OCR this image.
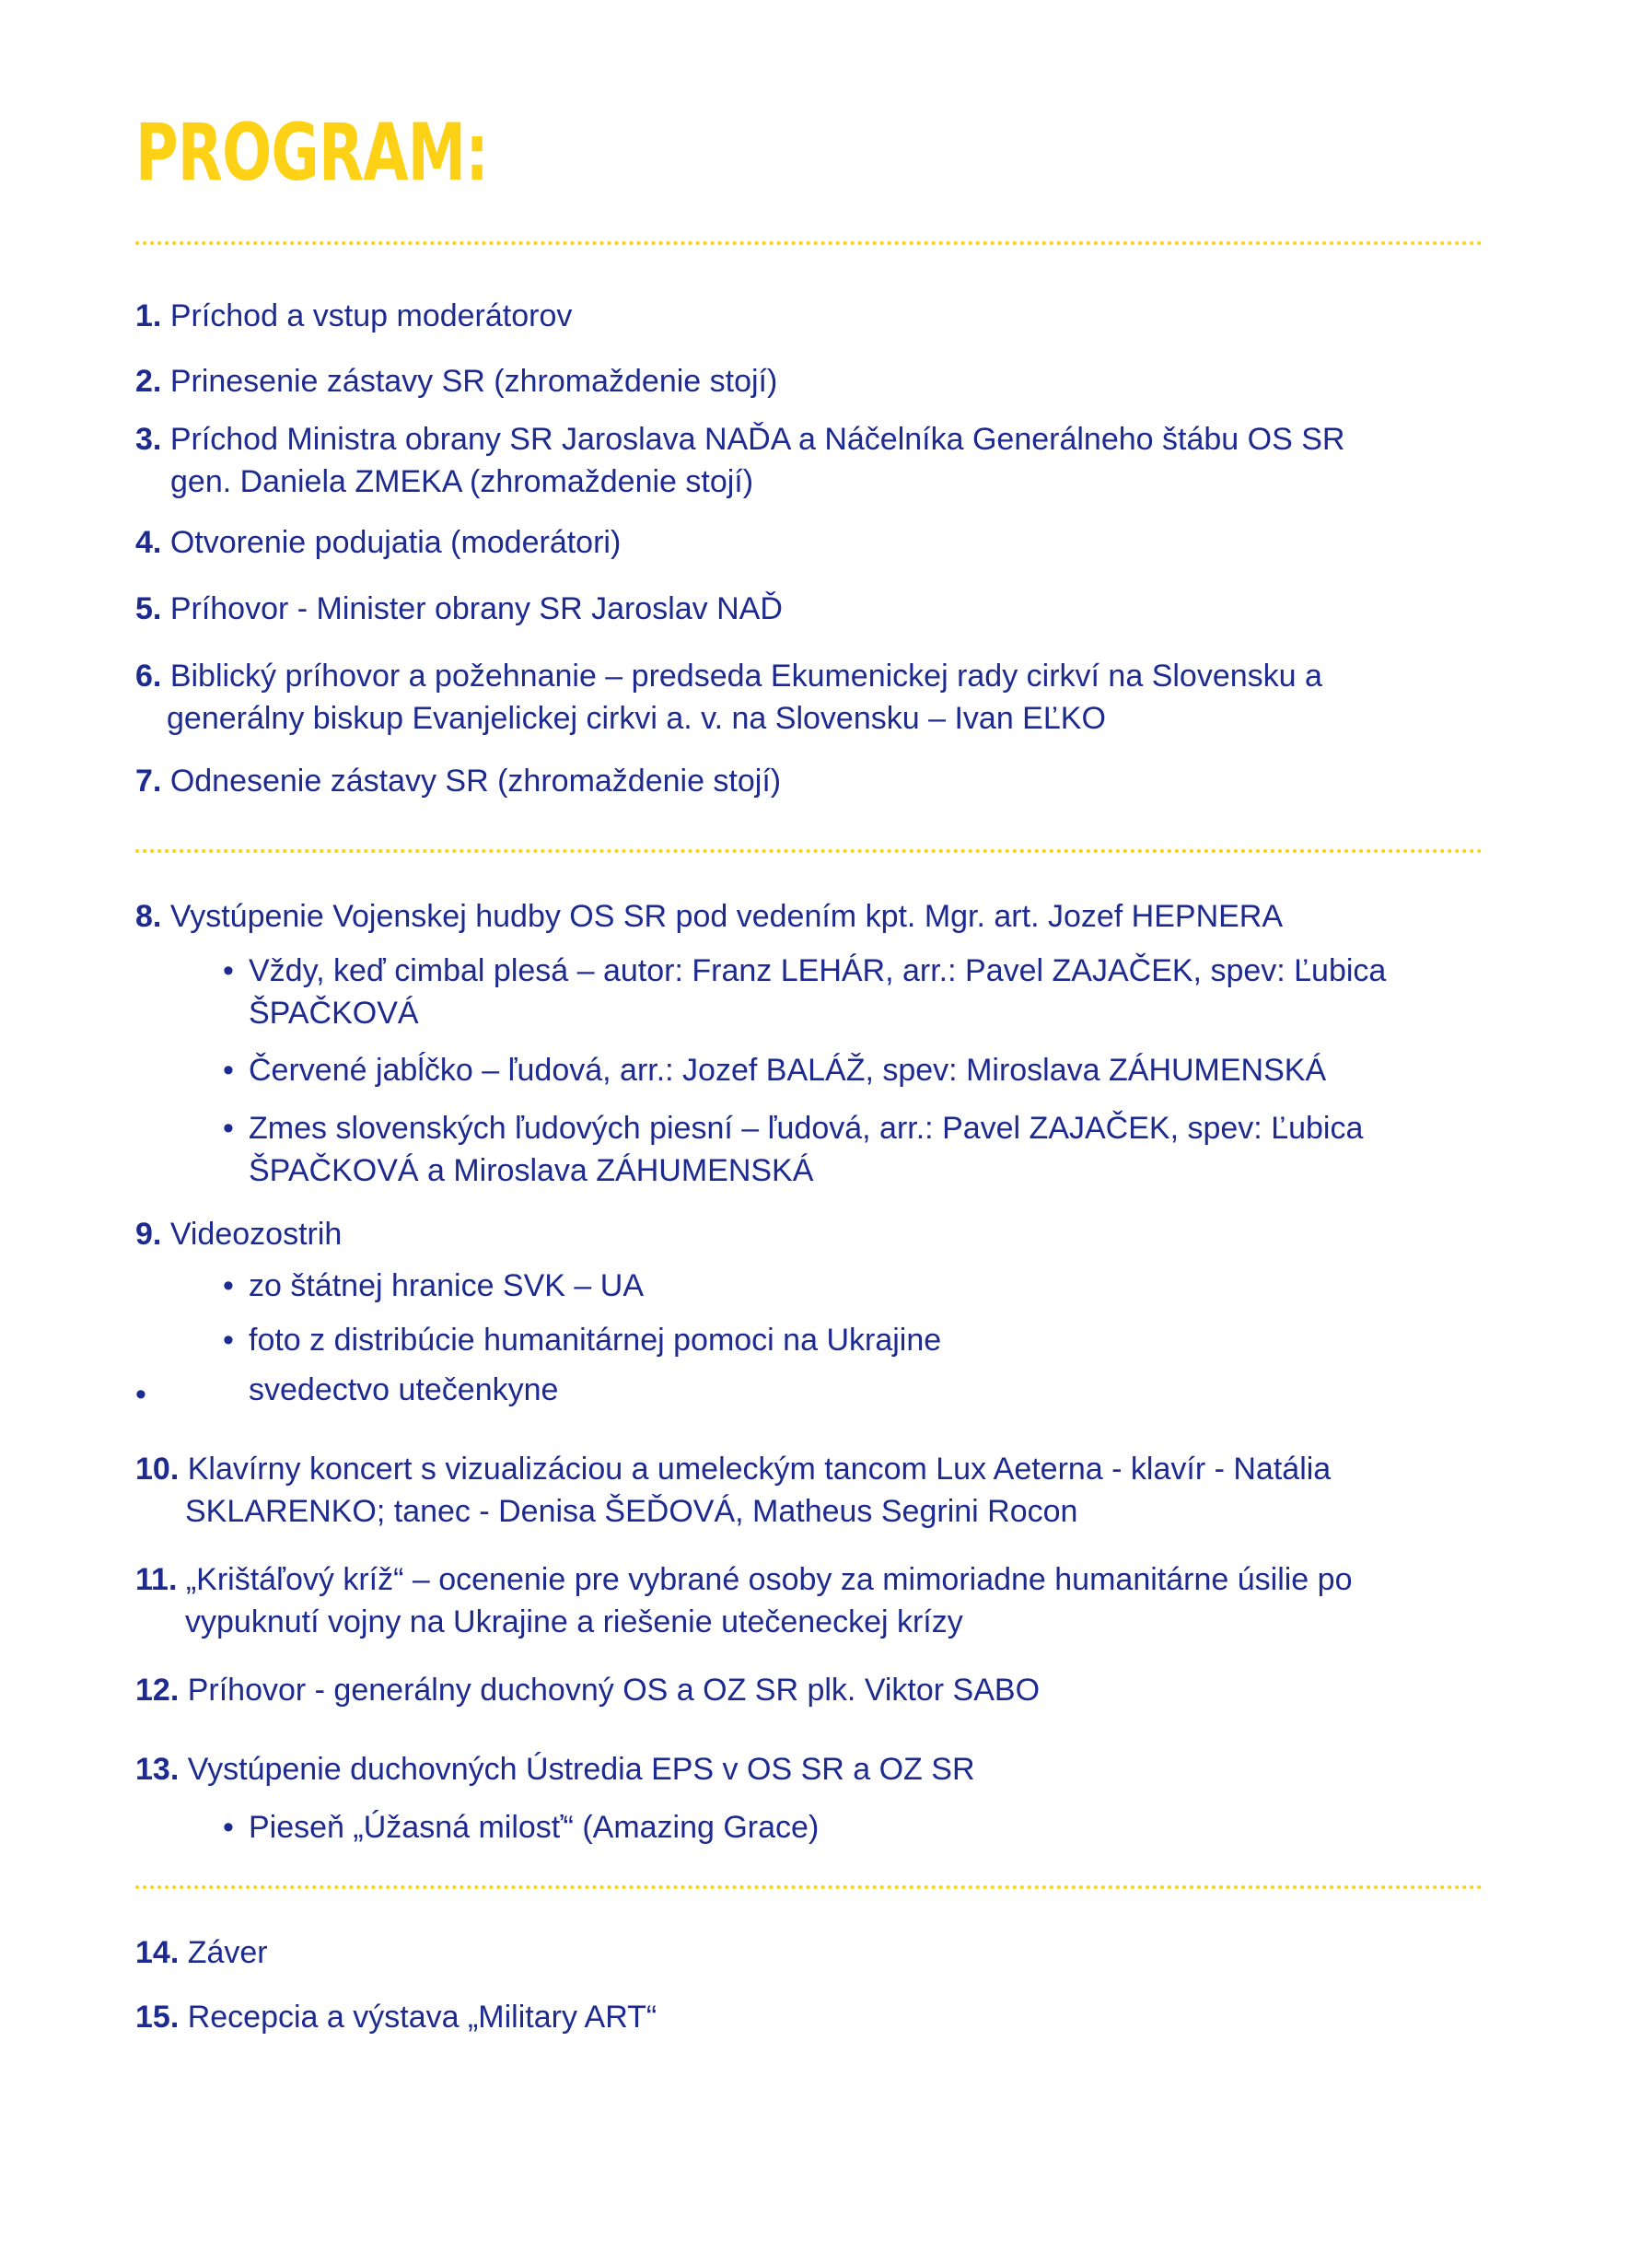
PROGRAM:

1. Príchod a vstup moderátorov

2. Prinesenie zástavy SR (zhromaždenie stojí)

3. Príchod Ministra obrany SR Jaroslava NAĎA a Náčelníka Generálneho štábu OS SR
gen. Daniela ZMEKA (zhromaždenie stojí)

4. Otvorenie podujatia (moderátori)

5. Príhovor - Minister obrany SR Jaroslav NAĎ

6. Biblický príhovor a požehnanie – predseda Ekumenickej rady cirkví na Slovensku a
generálny biskup Evanjelickej cirkvi a. v. na Slovensku – Ivan EĽKO

7. Odnesenie zástavy SR (zhromaždenie stojí)

8. Vystúpenie Vojenskej hudby OS SR pod vedením kpt. Mgr. art. Jozef HEPNERA

• Vždy, keď cimbal plesá – autor: Franz LEHÁR, arr.: Pavel ZAJAČEK, spev: Ľubica
ŠPAČKOVÁ
• Červené jabĺčko – ľudová, arr.: Jozef BALÁŽ, spev: Miroslava ZÁHUMENSKÁ
• Zmes slovenských ľudových piesní – ľudová, arr.: Pavel ZAJAČEK, spev: Ľubica
ŠPAČKOVÁ a Miroslava ZÁHUMENSKÁ

9. Videozostrih

• zo štátnej hranice SVK – UA
• foto z distribúcie humanitárnej pomoci na Ukrajine
•	svedectvo utečenkyne
10. Klavírny koncert s vizualizáciou a umeleckým tancom Lux Aeterna - klavír - Natália
SKLARENKO; tanec - Denisa ŠEĎOVÁ, Matheus Segrini Rocon
11. „Krištáľový kríž“ – ocenenie pre vybrané osoby za mimoriadne humanitárne úsilie po
vypuknutí vojny na Ukrajine a riešenie utečeneckej krízy

12. Príhovor - generálny duchovný OS a OZ SR plk. Viktor SABO

13. Vystúpenie duchovných Ústredia EPS v OS SR a OZ SR

• Pieseň „Úžasná milosť“ (Amazing Grace)

14. Záver

15. Recepcia a výstava „Military ART“
